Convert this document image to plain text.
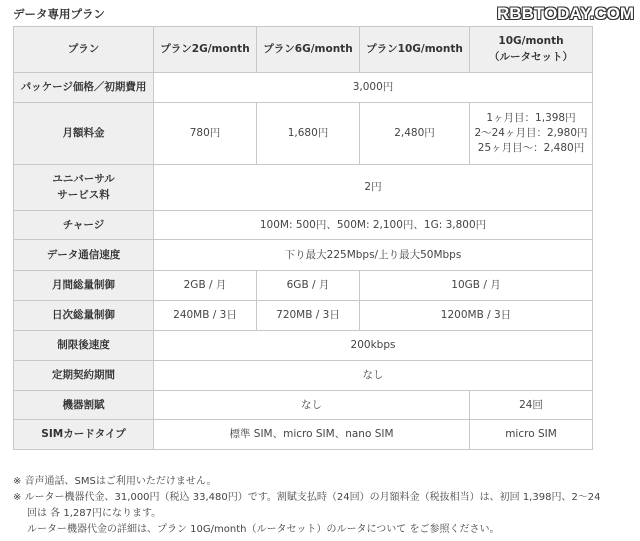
データ専用プラン	RBBTODAY.COM
プラン	プラン2G/month	プラン6G/month	プラン10G/month	10G/month
（ルータセット）

パッケージ価格／初期費用	3,000円			
月額料金	780円	1,680円	2,480円	1ヶ月目：1,398円
2〜24ヶ月目：2,980円
25ヶ月目〜：2,480円

ユニバーサル
サービス料	2円			
チャージ	100M: 500円、500M: 2,100円、1G: 3,800円			
データ通信速度	下り最大225Mbps/上り最大50Mbps			
月間総量制御	2GB / 月	6GB / 月	10GB / 月	
日次総量制御	240MB / 3日	720MB / 3日	1200MB / 3日	
制限後速度	200kbps			
定期契約期間	なし			
機器割賦	なし			24回
SIMカードタイプ	標準 SIM、micro SIM、nano SIM			micro SIM

※ 音声通話、SMSはご利用いただけません。

※ ルーター機器代金、31,000円（税込 33,480円）です。割賦支払時（24回）の月額料金（税抜相当）は、初回 1,398円、2〜24

回は 各 1,287円になります。

ルーター機器代金の詳細は、プラン 10G/month（ルータセット）のルータについて をご参照ください。
